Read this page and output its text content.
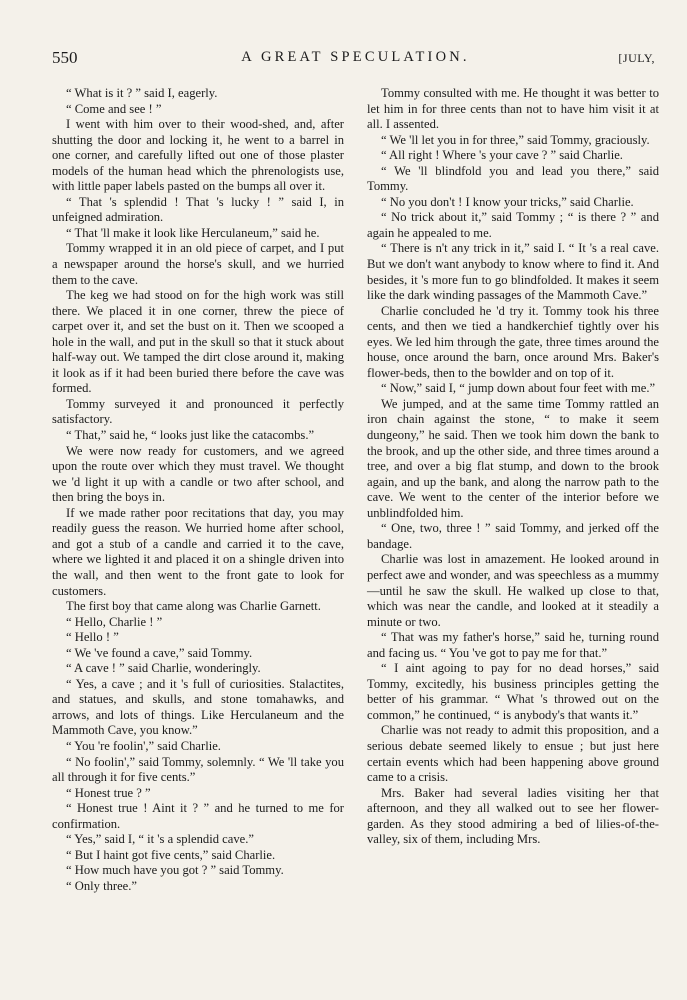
550	A GREAT SPECULATION.	[JULY,

“ What is it ? ” said I, eagerly.

“ Come and see ! ”

I went with him over to their wood-shed, and, after shutting the door and locking it, he went to a barrel in one corner, and carefully lifted out one of those plaster models of the human head which the phrenologists use, with little paper labels pasted on the bumps all over it.

“ That 's splendid ! That 's lucky ! ” said I, in unfeigned admiration.

“ That 'll make it look like Herculaneum,” said he.

Tommy wrapped it in an old piece of carpet, and I put a newspaper around the horse's skull, and we hurried them to the cave.

The keg we had stood on for the high work was still there. We placed it in one corner, threw the piece of carpet over it, and set the bust on it. Then we scooped a hole in the wall, and put in the skull so that it stuck about half-way out. We tamped the dirt close around it, making it look as if it had been buried there before the cave was formed.

Tommy surveyed it and pronounced it perfectly satisfactory.

“ That,” said he, “ looks just like the catacombs.”

We were now ready for customers, and we agreed upon the route over which they must travel. We thought we 'd light it up with a candle or two after school, and then bring the boys in.

If we made rather poor recitations that day, you may readily guess the reason. We hurried home after school, and got a stub of a candle and carried it to the cave, where we lighted it and placed it on a shingle driven into the wall, and then went to the front gate to look for customers.

The first boy that came along was Charlie Garnett.

“ Hello, Charlie ! ”

“ Hello ! ”

“ We 've found a cave,” said Tommy.

“ A cave ! ” said Charlie, wonderingly.

“ Yes, a cave ; and it 's full of curiosities. Stalactites, and statues, and skulls, and stone tomahawks, and arrows, and lots of things. Like Herculaneum and the Mammoth Cave, you know.”

“ You 're foolin',” said Charlie.

“ No foolin',” said Tommy, solemnly. “ We 'll take you all through it for five cents.”

“ Honest true ? ”

“ Honest true ! Aint it ? ” and he turned to me for confirmation.

“ Yes,” said I, “ it 's a splendid cave.”

“ But I haint got five cents,” said Charlie.

“ How much have you got ? ” said Tommy.

“ Only three.”

Tommy consulted with me. He thought it was better to let him in for three cents than not to have him visit it at all. I assented.

“ We 'll let you in for three,” said Tommy, graciously.

“ All right ! Where 's your cave ? ” said Charlie.

“ We 'll blindfold you and lead you there,” said Tommy.

“ No you don't ! I know your tricks,” said Charlie.

“ No trick about it,” said Tommy ; “ is there ? ” and again he appealed to me.

“ There is n't any trick in it,” said I. “ It 's a real cave. But we don't want anybody to know where to find it. And besides, it 's more fun to go blindfolded. It makes it seem like the dark winding passages of the Mammoth Cave.”

Charlie concluded he 'd try it. Tommy took his three cents, and then we tied a handkerchief tightly over his eyes. We led him through the gate, three times around the house, once around the barn, once around Mrs. Baker's flower-beds, then to the bowlder and on top of it.

“ Now,” said I, “ jump down about four feet with me.”

We jumped, and at the same time Tommy rattled an iron chain against the stone, “ to make it seem dungeony,” he said. Then we took him down the bank to the brook, and up the other side, and three times around a tree, and over a big flat stump, and down to the brook again, and up the bank, and along the narrow path to the cave. We went to the center of the interior before we unblindfolded him.

“ One, two, three ! ” said Tommy, and jerked off the bandage.

Charlie was lost in amazement. He looked around in perfect awe and wonder, and was speechless as a mummy—until he saw the skull. He walked up close to that, which was near the candle, and looked at it steadily a minute or two.

“ That was my father's horse,” said he, turning round and facing us. “ You 've got to pay me for that.”

“ I aint agoing to pay for no dead horses,” said Tommy, excitedly, his business principles getting the better of his grammar. “ What 's throwed out on the common,” he continued, “ is anybody's that wants it.”

Charlie was not ready to admit this proposition, and a serious debate seemed likely to ensue ; but just here certain events which had been happening above ground came to a crisis.

Mrs. Baker had several ladies visiting her that afternoon, and they all walked out to see her flower-garden. As they stood admiring a bed of lilies-of-the-valley, six of them, including Mrs.
